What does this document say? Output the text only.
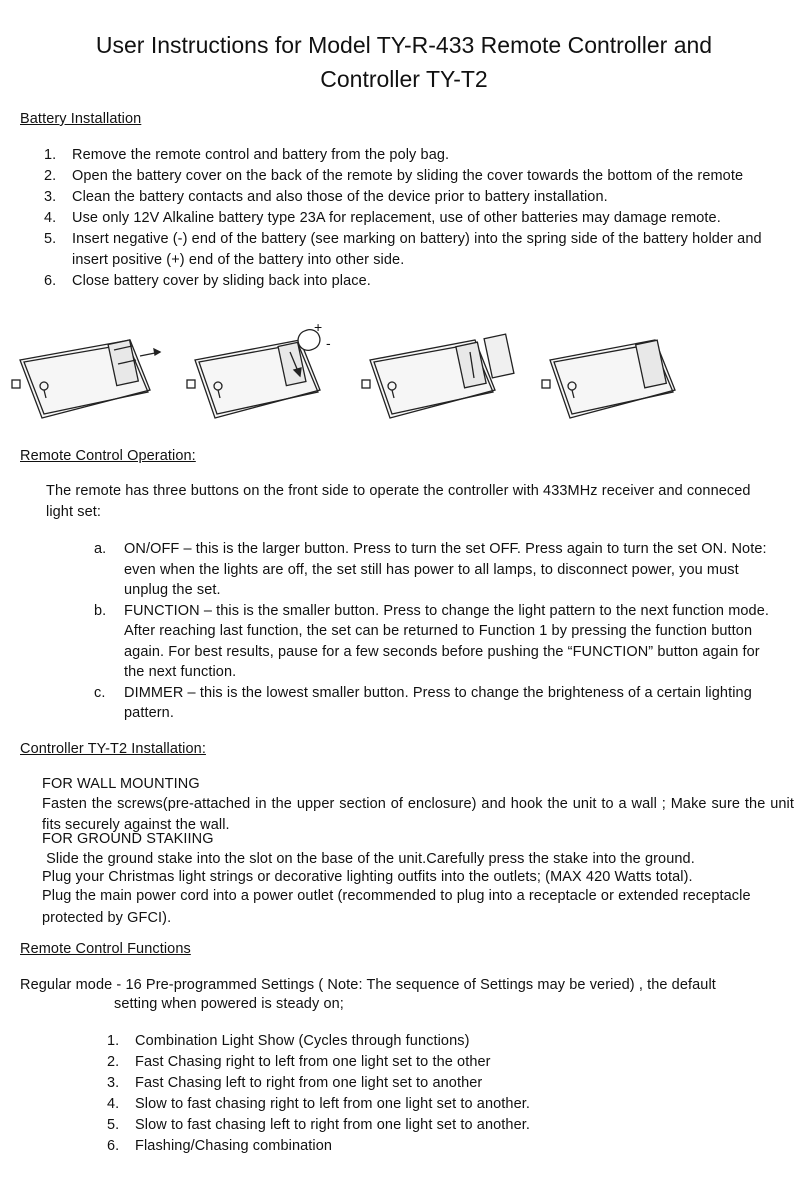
User Instructions for Model TY-R-433 Remote Controller and
Controller TY-T2
Battery Installation
1.	Remove the remote control and battery from the poly bag.
2.	Open the battery cover on the back of the remote by sliding the cover towards the bottom of the remote
3.	Clean the battery contacts and also those of the device prior to battery installation.
4.	Use only 12V Alkaline battery type 23A for replacement, use of other batteries may damage remote.
5.	Insert negative (-) end of the battery (see marking on battery) into the spring side of the battery holder and insert positive (+) end of the battery into other side.
6.	Close battery cover by sliding back into place.
+
-
Remote Control Operation:

The remote has three buttons on the front side to operate the controller with 433MHz receiver and conneced light set:

a.	ON/OFF – this is the larger button. Press to turn the set OFF. Press again to turn the set ON. Note: even when the lights are off, the set still has power to all lamps, to disconnect power, you must unplug the set.
b.	FUNCTION – this is the smaller button. Press to change the light pattern to the next function mode. After reaching last function, the set can be returned to Function 1 by pressing the function button again. For best results, pause for a few seconds before pushing the “FUNCTION” button again for the next function.
c.	DIMMER – this is the lowest smaller button. Press to change the brighteness of a certain lighting pattern.
Controller TY-T2 Installation:
FOR WALL MOUNTING
Fasten the screws(pre-attached in the upper section of enclosure) and hook the unit to a wall ; Make sure the unit fits securely against the wall.
FOR GROUND STAKIING
Slide the ground stake into the slot on the base of the unit.Carefully press the stake into the ground.
Plug your Christmas light strings or decorative lighting outfits into the outlets; (MAX 420 Watts total).
Plug the main power cord into a power outlet (recommended to plug into a receptacle or extended receptacle protected by GFCI).
Remote Control Functions
Regular mode - 16 Pre-programmed Settings ( Note: The sequence of Settings may be veried) , the default
setting when powered is steady on;
1.	Combination Light Show (Cycles through functions)
2.	Fast Chasing right to left from one light set to the other
3.	Fast Chasing left to right from one light set to another
4.	Slow to fast chasing right to left from one light set to another.
5.	Slow to fast chasing left to right from one light set to another.
6.	Flashing/Chasing combination
